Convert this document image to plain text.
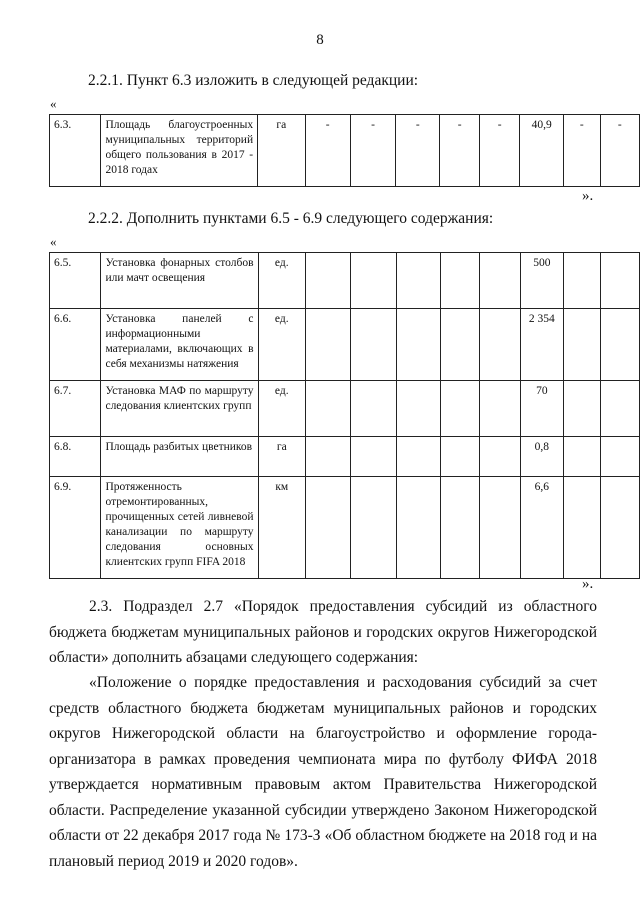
8
2.2.1. Пункт 6.3 изложить в следующей редакции:
«
6.3.	Площадь благоустроенных муниципальных территорий общего пользования в 2017 - 2018 годах	га	-	-	-	-	-	40,9	-	-
».
2.2.2. Дополнить пунктами 6.5 - 6.9 следующего содержания:
«
6.5.	Установка фонарных столбов или мачт освещения	ед.						500		
6.6.	Установка панелей с информационными материалами, включающих в себя механизмы натяжения	ед.						2 354		
6.7.	Установка МАФ по маршруту следования клиентских групп	ед.						70		
6.8.	Площадь разбитых цветников	га						0,8		
6.9.	Протяженность отремонтированных, прочищенных сетей ливневой канализации по маршруту следования основных клиентских групп FIFA 2018	км						6,6		
».

2.3. Подраздел 2.7 «Порядок предоставления субсидий из областного бюджета бюджетам муниципальных районов и городских округов Нижегородской области» дополнить абзацами следующего содержания:

«Положение о порядке предоставления и расходования субсидий за счет средств областного бюджета бюджетам муниципальных районов и городских округов Нижегородской области на благоустройство и оформление города-организатора в рамках проведения чемпионата мира по футболу ФИФА 2018 утверждается нормативным правовым актом Правительства Нижегородской области. Распределение указанной субсидии утверждено Законом Нижегородской области от 22 декабря 2017 года № 173-З «Об областном бюджете на 2018 год и на плановый период 2019 и 2020 годов».
